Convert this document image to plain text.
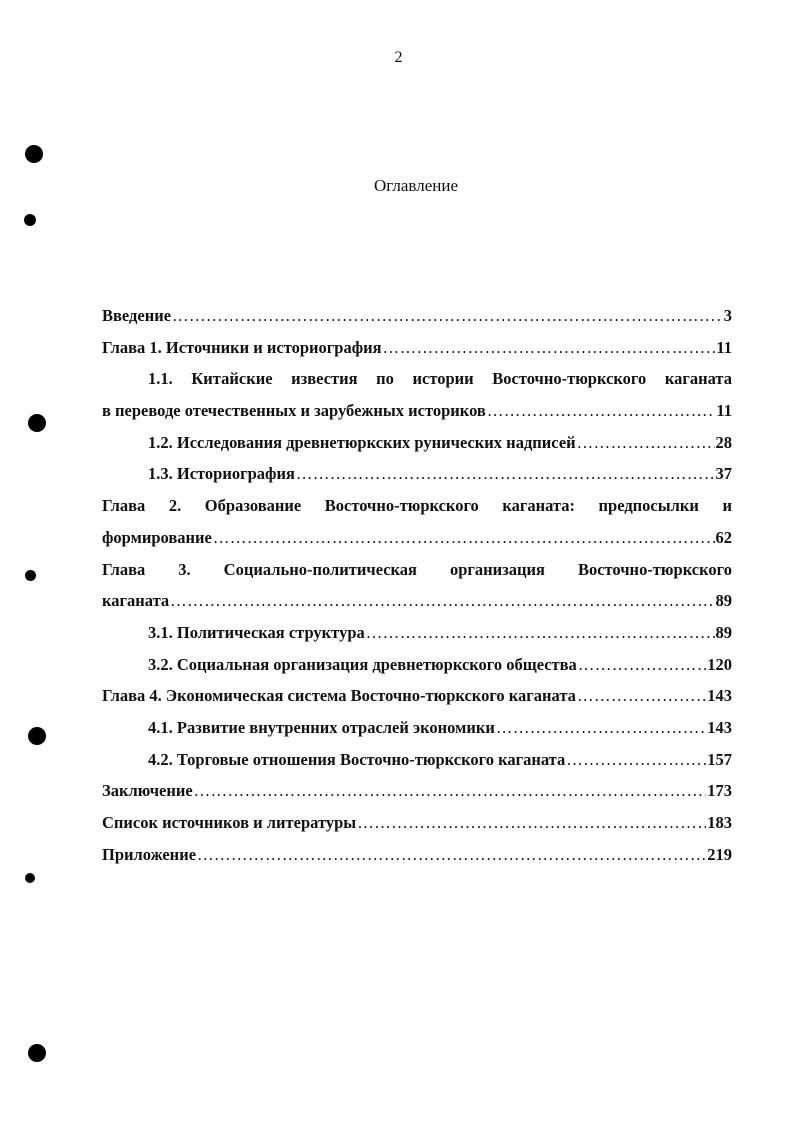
2
Оглавление
Введение ……………………………………………………………………………………………………………………………………………………………………	3
Глава 1. Источники и историография ……………………………………………………………………………………………………………………………………………………………………	11
1.1. Китайские известия по истории Восточно-тюркского каганата
в переводе отечественных и зарубежных историков ……………………………………………………………………………………………………………………………………………………………………	11
1.2. Исследования древнетюркских рунических надписей ……………………………………………………………………………………………………………………………………………………………………	28
1.3. Историография ……………………………………………………………………………………………………………………………………………………………………	37
Глава 2. Образование Восточно-тюркского каганата: предпосылки и
формирование ……………………………………………………………………………………………………………………………………………………………………	62
Глава 3. Социально-политическая организация Восточно-тюркского
каганата ……………………………………………………………………………………………………………………………………………………………………	89
3.1. Политическая структура ……………………………………………………………………………………………………………………………………………………………………	89
3.2. Социальная организация древнетюркского общества ……………………………………………………………………………………………………………………………………………………………………	120
Глава 4. Экономическая система Восточно-тюркского каганата ……………………………………………………………………………………………………………………………………………………………………	143
4.1. Развитие внутренних отраслей экономики ……………………………………………………………………………………………………………………………………………………………………	143
4.2. Торговые отношения Восточно-тюркского каганата ……………………………………………………………………………………………………………………………………………………………………	157
Заключение ……………………………………………………………………………………………………………………………………………………………………	173
Список источников и литературы ……………………………………………………………………………………………………………………………………………………………………	183
Приложение ……………………………………………………………………………………………………………………………………………………………………	219
